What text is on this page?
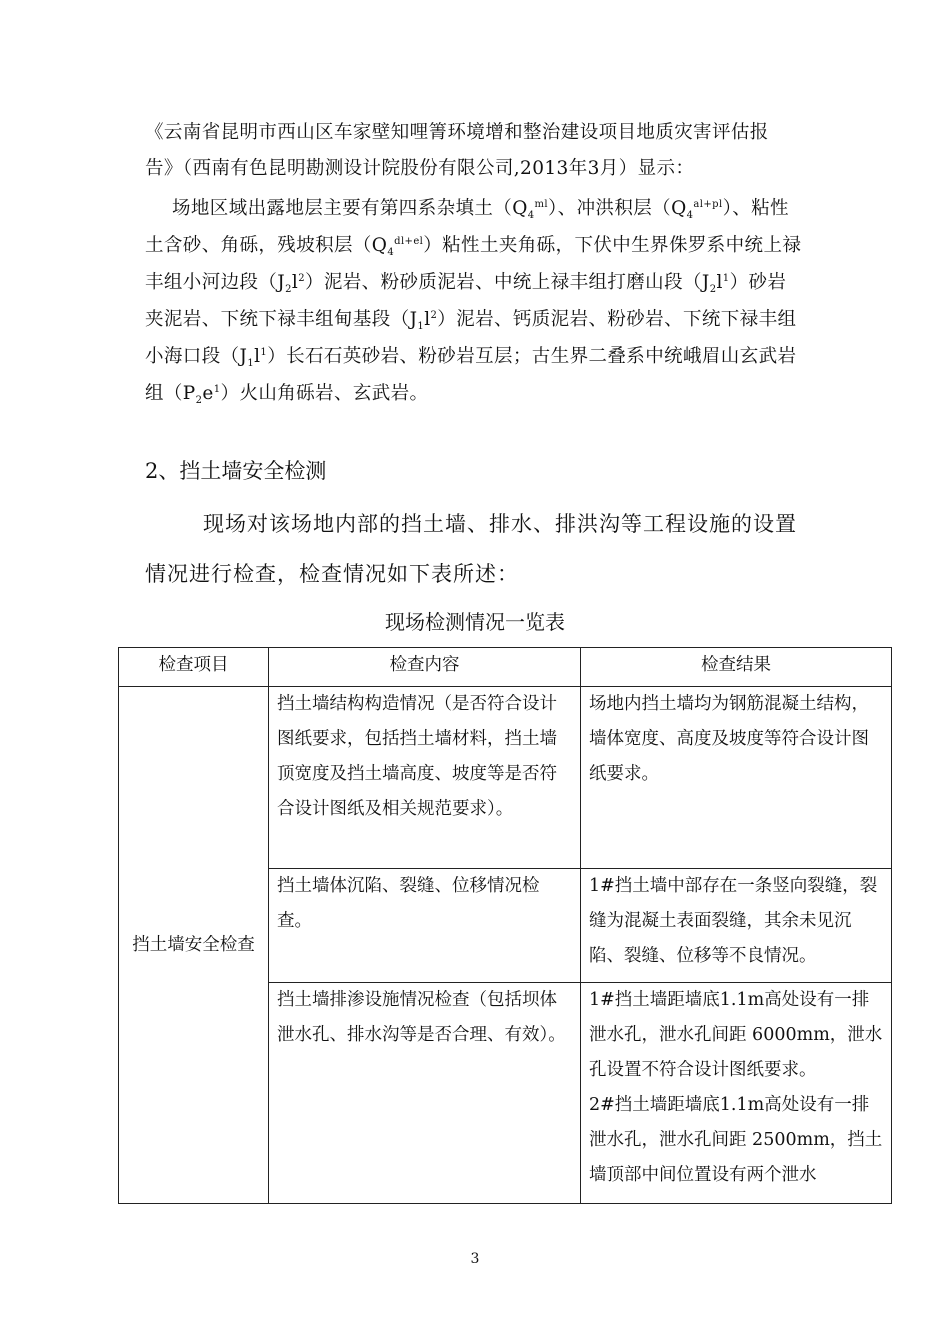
《云南省昆明市西山区车家壁知哩箐环境增和整治建设项目地质灾害评估报
告》（西南有色昆明勘测设计院股份有限公司,2013年3月）显示：
场地区域出露地层主要有第四系杂填土$(Q_4^{ml})$、冲洪积层$(Q_4^{al+pl})$、粘性
土含砂、角砾，残坡积层$(Q_4^{dl+el})$粘性土夹角砾，下伏中生界侏罗系中统上禄
丰组小河边段$(J_2l^2)$泥岩、粉砂质泥岩、中统上禄丰组打磨山段$(J_2l^1)$砂岩
夹泥岩、下统下禄丰组甸基段$(J_1l^2)$泥岩、钙质泥岩、粉砂岩、下统下禄丰组
小海口段$(J_1l^1)$长石石英砂岩、粉砂岩互层；古生界二叠系中统峨眉山玄武岩
组$(P_2e^1)$火山角砾岩、玄武岩。
2、挡土墙安全检测
现场对该场地内部的挡土墙、排水、排洪沟等工程设施的设置
情况进行检查，检查情况如下表所述：
现场检测情况一览表
检查项目	检查内容	检查结果
挡土墙安全检查	挡土墙结构构造情况（是否符合设计图纸要求，包括挡土墙材料，挡土墙顶宽度及挡土墙高度、坡度等是否符合设计图纸及相关规范要求）。	场地内挡土墙均为钢筋混凝土结构，墙体宽度、高度及坡度等符合设计图纸要求。
	挡土墙体沉陷、裂缝、位移情况检查。	1#挡土墙中部存在一条竖向裂缝，裂缝为混凝土表面裂缝，其余未见沉陷、裂缝、位移等不良情况。
	挡土墙排渗设施情况检查（包括坝体泄水孔、排水沟等是否合理、有效）。	1#挡土墙距墙底1.1m高处设有一排泄水孔，泄水孔间距 6000mm，泄水孔设置不符合设计图纸要求。
2#挡土墙距墙底1.1m高处设有一排泄水孔，泄水孔间距 2500mm，挡土墙顶部中间位置设有两个泄水
3
